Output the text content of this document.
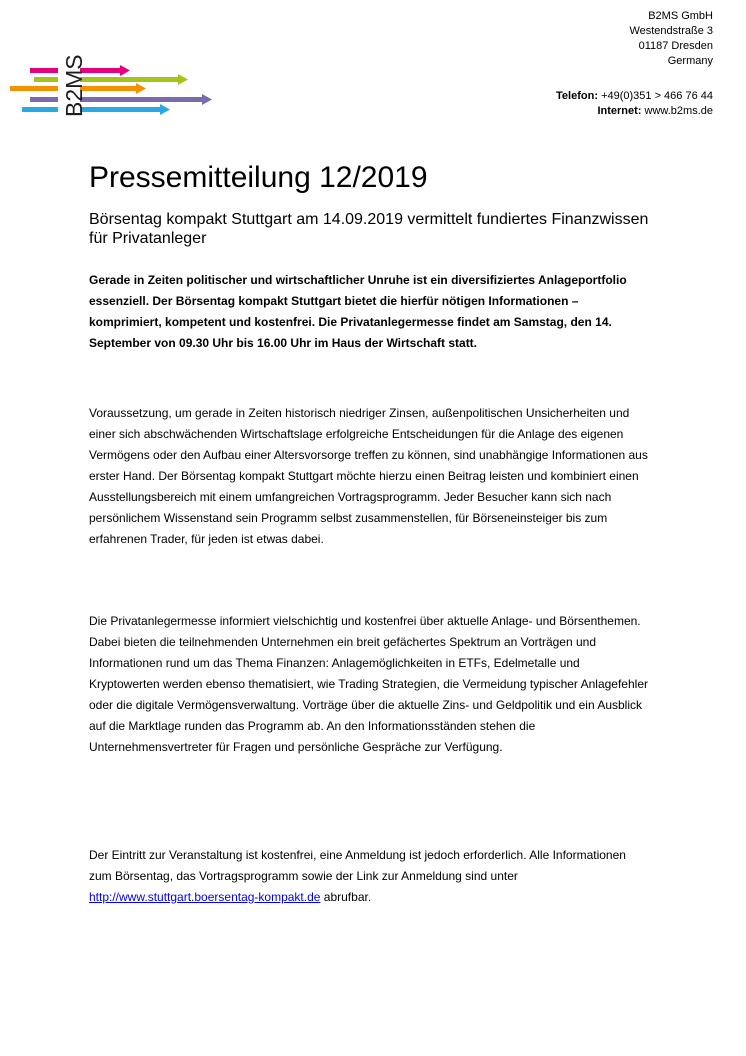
B2MS
B2MS GmbH
Westendstraße 3
01187 Dresden
Germany
Telefon: +49(0)351 > 466 76 44
Internet: www.b2ms.de
Pressemitteilung 12/2019
Börsentag kompakt Stuttgart am 14.09.2019 vermittelt fundiertes Finanzwissen für Privatanleger

Gerade in Zeiten politischer und wirtschaftlicher Unruhe ist ein diversifiziertes Anlageportfolio essenziell. Der Börsentag kompakt Stuttgart bietet die hierfür nötigen Informationen – komprimiert, kompetent und kostenfrei. Die Privatanlegermesse findet am Samstag, den 14. September von 09.30 Uhr bis 16.00 Uhr im Haus der Wirtschaft statt.

Voraussetzung, um gerade in Zeiten historisch niedriger Zinsen, außenpolitischen Unsicherheiten und einer sich abschwächenden Wirtschaftslage erfolgreiche Entscheidungen für die Anlage des eigenen Vermögens oder den Aufbau einer Altersvorsorge treffen zu können, sind unabhängige Informationen aus erster Hand. Der Börsentag kompakt Stuttgart möchte hierzu einen Beitrag leisten und kombiniert einen Ausstellungsbereich mit einem umfangreichen Vortragsprogramm. Jeder Besucher kann sich nach persönlichem Wissenstand sein Programm selbst zusammenstellen, für Börseneinsteiger bis zum erfahrenen Trader, für jeden ist etwas dabei.

Die Privatanlegermesse informiert vielschichtig und kostenfrei über aktuelle Anlage- und Börsenthemen. Dabei bieten die teilnehmenden Unternehmen ein breit gefächertes Spektrum an Vorträgen und Informationen rund um das Thema Finanzen: Anlagemöglichkeiten in ETFs, Edelmetalle und Kryptowerten werden ebenso thematisiert, wie Trading Strategien, die Vermeidung typischer Anlagefehler oder die digitale Vermögensverwaltung. Vorträge über die aktuelle Zins- und Geldpolitik und ein Ausblick auf die Marktlage runden das Programm ab. An den Informationsständen stehen die Unternehmensvertreter für Fragen und persönliche Gespräche zur Verfügung.

Der Eintritt zur Veranstaltung ist kostenfrei, eine Anmeldung ist jedoch erforderlich. Alle Informationen zum Börsentag, das Vortragsprogramm sowie der Link zur Anmeldung sind unter http://www.stuttgart.boersentag-kompakt.de abrufbar.
